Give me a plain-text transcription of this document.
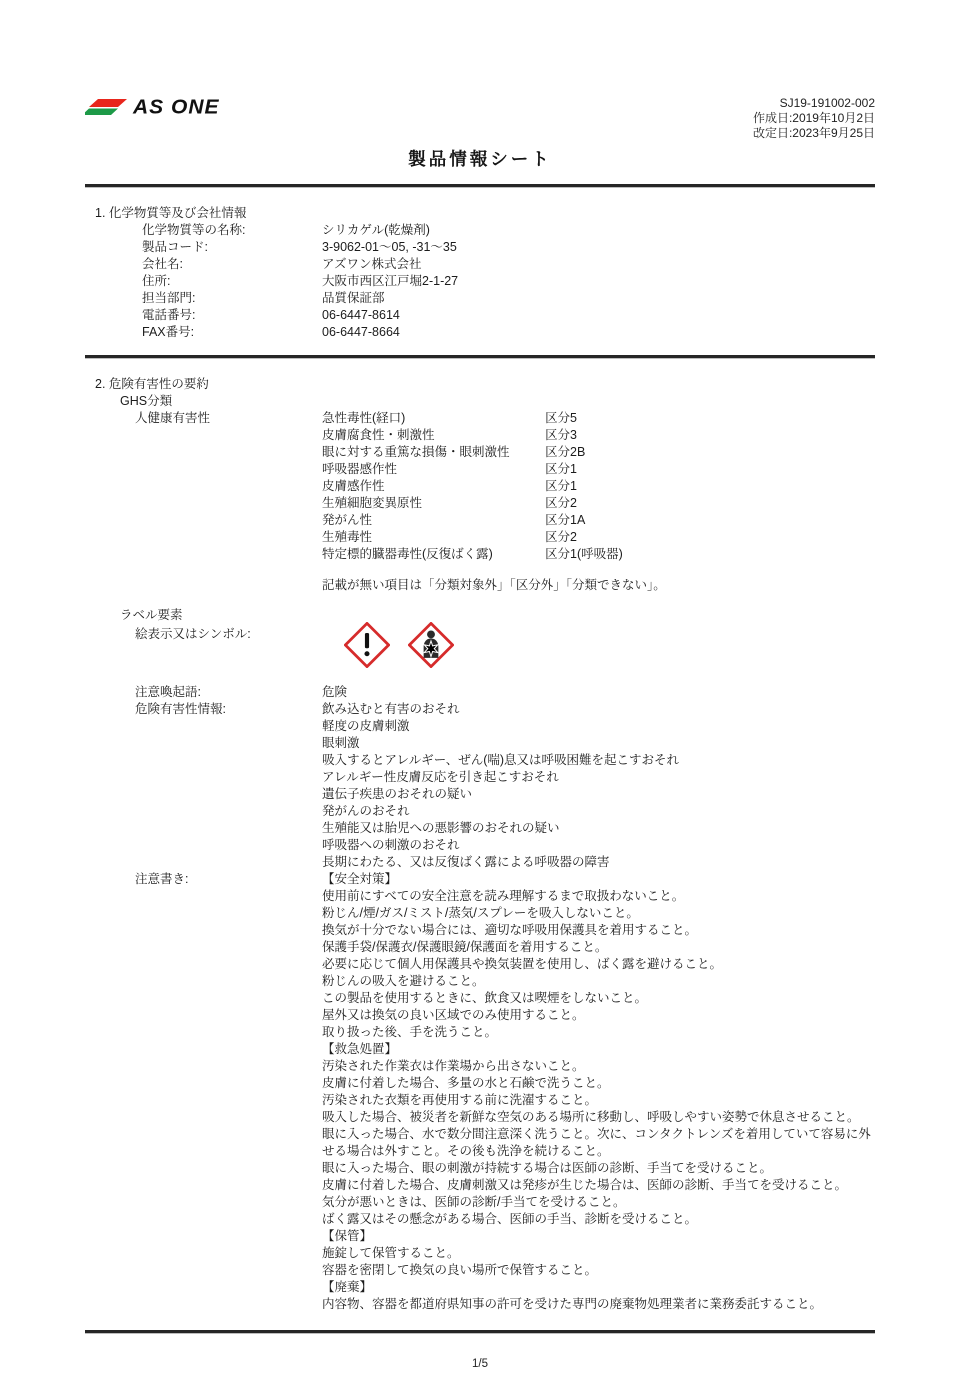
AS ONE	SJ19-191002-002
作成日:2019年10月2日
改定日:2023年9月25日
製品情報シート
1. 化学物質等及び会社情報
化学物質等の名称:	シリカゲル(乾燥剤)
製品コード:	3-9062-01～05, -31～35
会社名:	アズワン株式会社
住所:	大阪市西区江戸堀2-1-27
担当部門:	品質保証部
電話番号:	06-6447-8614
FAX番号:	06-6447-8664
2. 危険有害性の要約
GHS分類
人健康有害性	急性毒性(経口)	区分5
皮膚腐食性・刺激性	区分3
眼に対する重篤な損傷・眼刺激性	区分2B
呼吸器感作性	区分1
皮膚感作性	区分1
生殖細胞変異原性	区分2
発がん性	区分1A
生殖毒性	区分2
特定標的臓器毒性(反復ばく露)	区分1(呼吸器)
記載が無い項目は「分類対象外」「区分外」「分類できない」。
ラベル要素
絵表示又はシンボル:
注意喚起語:	危険
危険有害性情報:	飲み込むと有害のおそれ
軽度の皮膚刺激
眼刺激
吸入するとアレルギー、ぜん(喘)息又は呼吸困難を起こすおそれ
アレルギー性皮膚反応を引き起こすおそれ
遺伝子疾患のおそれの疑い
発がんのおそれ
生殖能又は胎児への悪影響のおそれの疑い
呼吸器への刺激のおそれ
長期にわたる、又は反復ばく露による呼吸器の障害
注意書き:	【安全対策】
使用前にすべての安全注意を読み理解するまで取扱わないこと。
粉じん/煙/ガス/ミスト/蒸気/スプレーを吸入しないこと。
換気が十分でない場合には、適切な呼吸用保護具を着用すること。
保護手袋/保護衣/保護眼鏡/保護面を着用すること。
必要に応じて個人用保護具や換気装置を使用し、ばく露を避けること。
粉じんの吸入を避けること。
この製品を使用するときに、飲食又は喫煙をしないこと。
屋外又は換気の良い区域でのみ使用すること。
取り扱った後、手を洗うこと。
【救急処置】
汚染された作業衣は作業場から出さないこと。
皮膚に付着した場合、多量の水と石鹸で洗うこと。
汚染された衣類を再使用する前に洗濯すること。
吸入した場合、被災者を新鮮な空気のある場所に移動し、呼吸しやすい姿勢で休息させること。
眼に入った場合、水で数分間注意深く洗うこと。次に、コンタクトレンズを着用していて容易に外せる場合は外すこと。その後も洗浄を続けること。
眼に入った場合、眼の刺激が持続する場合は医師の診断、手当てを受けること。
皮膚に付着した場合、皮膚刺激又は発疹が生じた場合は、医師の診断、手当てを受けること。
気分が悪いときは、医師の診断/手当てを受けること。
ばく露又はその懸念がある場合、医師の手当、診断を受けること。
【保管】
施錠して保管すること。
容器を密閉して換気の良い場所で保管すること。
【廃棄】
内容物、容器を都道府県知事の許可を受けた専門の廃棄物処理業者に業務委託すること。
1/5
